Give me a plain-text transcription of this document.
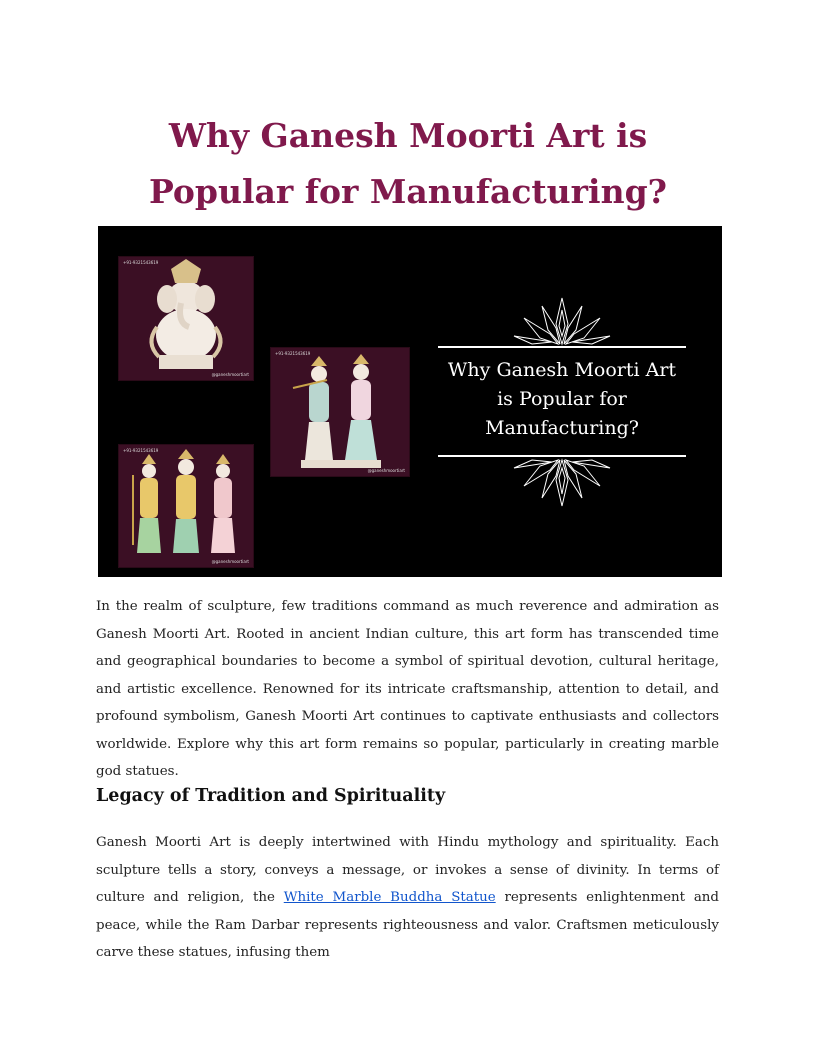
Why Ganesh Moorti Art is Popular for Manufacturing?
+91-9321543619
@ganeshmoortiart
+91-9321543619
@ganeshmoortiart
+91-9321543619
@ganeshmoortiart
Why Ganesh Moorti Art
is Popular for
Manufacturing?

In the realm of sculpture, few traditions command as much reverence and admiration as Ganesh Moorti Art. Rooted in ancient Indian culture, this art form has transcended time and geographical boundaries to become a symbol of spiritual devotion, cultural heritage, and artistic excellence. Renowned for its intricate craftsmanship, attention to detail, and profound symbolism, Ganesh Moorti Art continues to captivate enthusiasts and collectors worldwide. Explore why this art form remains so popular, particularly in creating marble god statues.

Legacy of Tradition and Spirituality

Ganesh Moorti Art is deeply intertwined with Hindu mythology and spirituality. Each sculpture tells a story, conveys a message, or invokes a sense of divinity. In terms of culture and religion, the White Marble Buddha Statue represents enlightenment and peace, while the Ram Darbar represents righteousness and valor. Craftsmen meticulously carve these statues, infusing them
